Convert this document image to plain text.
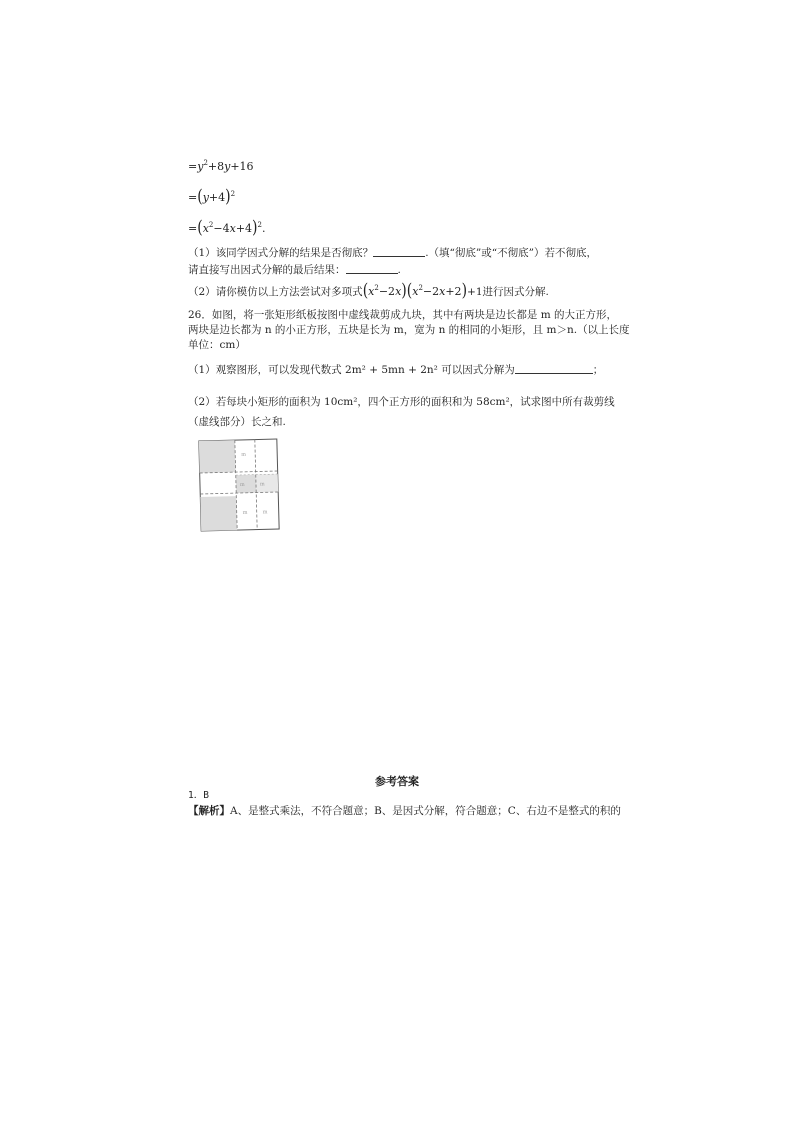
$=y^2+8y+16$
$=(y+4)^2$
$=(x^2-4x+4)^2$.
（1）该同学因式分解的结果是否彻底？	.（填“彻底”或“不彻底”）若不彻底，
请直接写出因式分解的最后结果：	.
（2）请你模仿以上方法尝试对多项式$(x^2-2x)(x^2-2x+2)+1$进行因式分解.
26．如图，将一张矩形纸板按图中虚线裁剪成九块，其中有两块是边长都是 m 的大正方形，
两块是边长都为 n 的小正方形，五块是长为 m，宽为 n 的相同的小矩形，且 m＞n.（以上长度
单位：cm）
（1）观察图形，可以发现代数式 2m² + 5mn + 2n² 可以因式分解为	；
（2）若每块小矩形的面积为 10cm²，四个正方形的面积和为 58cm²，试求图中所有裁剪线
（虚线部分）长之和.
m
m	m
m	m
参考答案
1．B
【解析】A、是整式乘法，不符合题意；B、是因式分解，符合题意；C、右边不是整式的积的
